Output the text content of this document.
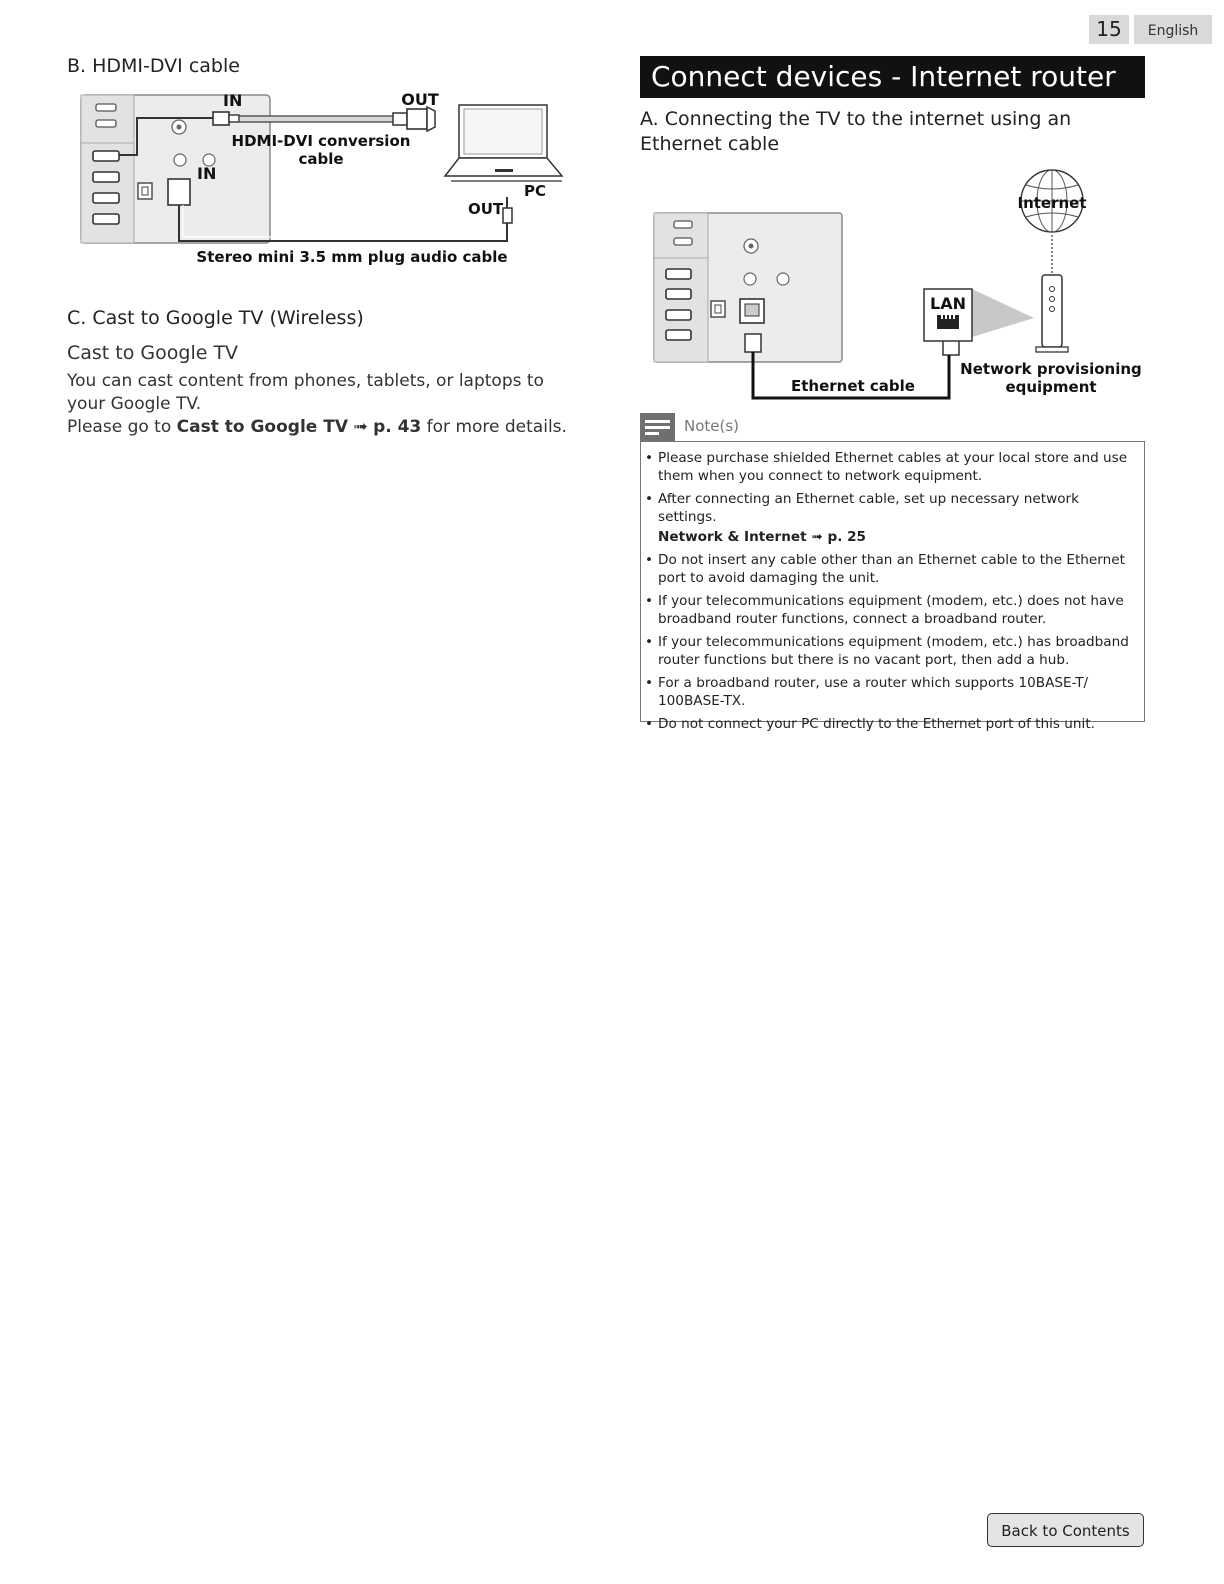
15	English
B. HDMI-DVI cable
IN	OUT
HDMI-DVI conversion
cable
IN
PC
OUT
Stereo mini 3.5 mm plug audio cable
C. Cast to Google TV (Wireless)
Cast to Google TV
You can cast content from phones, tablets, or laptops to your Google TV.
Please go to Cast to Google TV ➟ p. 43 for more details.
Connect devices - Internet router
A. Connecting the TV to the internet using an Ethernet cable
Internet
LAN
Ethernet cable
Network provisioning
equipment
Note(s)
• Please purchase shielded Ethernet cables at your local store and use them when you connect to network equipment.
• After connecting an Ethernet cable, set up necessary network settings.
Network & Internet ➟ p. 25
• Do not insert any cable other than an Ethernet cable to the Ethernet port to avoid damaging the unit.
• If your telecommunications equipment (modem, etc.) does not have broadband router functions, connect a broadband router.
• If your telecommunications equipment (modem, etc.) has broadband router functions but there is no vacant port, then add a hub.
• For a broadband router, use a router which supports 10BASE-T/ 100BASE-TX.
• Do not connect your PC directly to the Ethernet port of this unit.
Back to Contents
